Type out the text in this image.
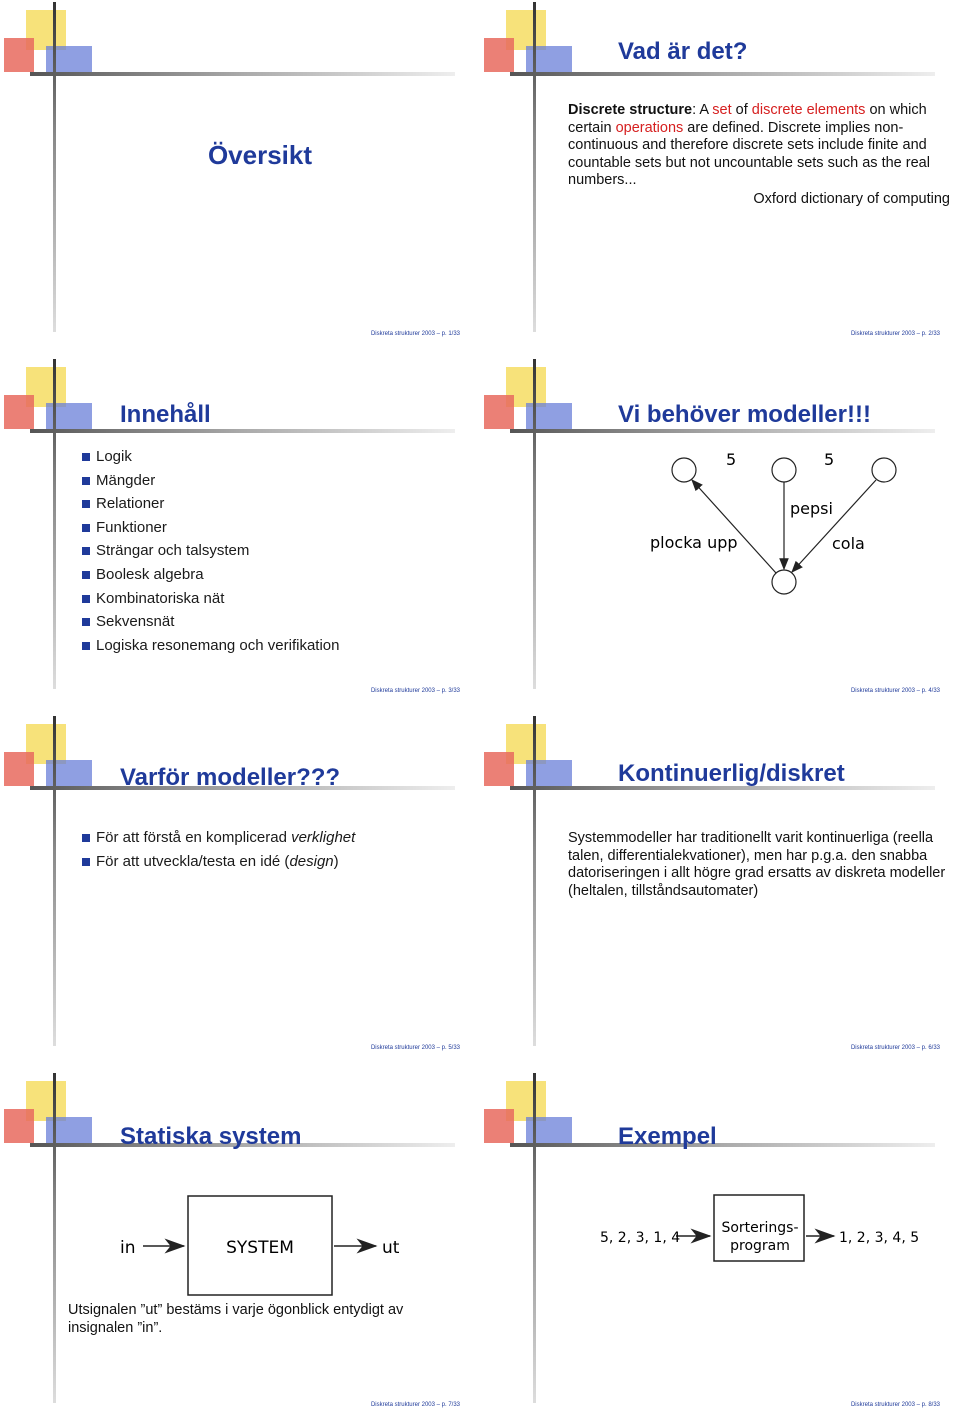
Översikt
Diskreta strukturer 2003 – p. 1/33
Vad är det?
Discrete structure: A set of discrete elements on which certain operations are defined. Discrete implies non-continuous and therefore discrete sets include finite and countable sets but not uncountable sets such as the real numbers...
Oxford dictionary of computing
Diskreta strukturer 2003 – p. 2/33
Innehåll
Logik
Mängder
Relationer
Funktioner
Strängar och talsystem
Boolesk algebra
Kombinatoriska nät
Sekvensnät
Logiska resonemang och verifikation
Diskreta strukturer 2003 – p. 3/33
Vi behöver modeller!!!
5	5
plocka upp
pepsi
cola
Diskreta strukturer 2003 – p. 4/33
Varför modeller???
För att förstå en komplicerad verklighet
För att utveckla/testa en idé (design)
Diskreta strukturer 2003 – p. 5/33
Kontinuerlig/diskret
Systemmodeller har traditionellt varit kontinuerliga (reella talen, differentialekvationer), men har p.g.a. den snabba datoriseringen i allt högre grad ersatts av diskreta modeller (heltalen, tillståndsautomater)
Diskreta strukturer 2003 – p. 6/33
Statiska system
in	SYSTEM	ut
Utsignalen ”ut” bestäms i varje ögonblick entydigt av insignalen ”in”.
Diskreta strukturer 2003 – p. 7/33
Exempel
5, 2, 3, 1, 4
Sorterings-
program	1, 2, 3, 4, 5
Diskreta strukturer 2003 – p. 8/33
